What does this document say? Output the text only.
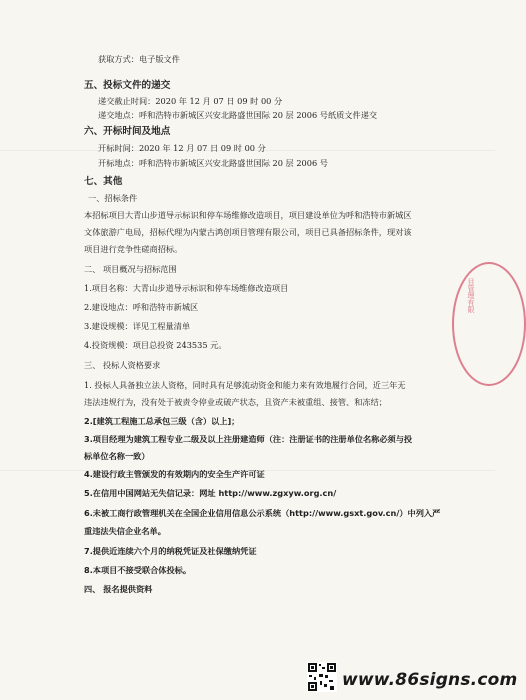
获取方式：电子版文件
五、投标文件的递交
递交截止时间：2020 年 12 月 07 日 09 时 00 分
递交地点：呼和浩特市新城区兴安北路盛世国际 20 层 2006 号纸质文件递交
六、开标时间及地点
开标时间：2020 年 12 月 07 日 09 时 00 分
开标地点：呼和浩特市新城区兴安北路盛世国际 20 层 2006 号
七、其他
一、招标条件
本招标项目大青山步道导示标识和停车场维修改造项目，项目建设单位为呼和浩特市新城区
文体旅游广电局，招标代理为内蒙古鸿创项目管理有限公司，项目已具备招标条件，现对该
项目进行竞争性磋商招标。
二、 项目概况与招标范围
1.项目名称：大青山步道导示标识和停车场维修改造项目
2.建设地点：呼和浩特市新城区
3.建设规模：详见工程量清单
4.投资规模：项目总投资 243535 元。
三、 投标人资格要求
1. 投标人具备独立法人资格，同时具有足够流动资金和能力来有效地履行合同，近三年无
违法违规行为，没有处于被责令停业或破产状态，且资产未被重组、接管、和冻结；
2.[建筑工程施工总承包三级（含）以上]；
3.项目经理为建筑工程专业二级及以上注册建造师（注：注册证书的注册单位名称必须与投
标单位名称一致）
4.建设行政主管颁发的有效期内的安全生产许可证
5.在信用中国网站无失信记录：网址 http://www.zgxyw.org.cn/
6.未被工商行政管理机关在全国企业信用信息公示系统（http://www.gsxt.gov.cn/）中列入严
重违法失信企业名单。
7.提供近连续六个月的纳税凭证及社保缴纳凭证
8.本项目不接受联合体投标。
四、 报名提供资料
目管理有限
www.86signs.com
